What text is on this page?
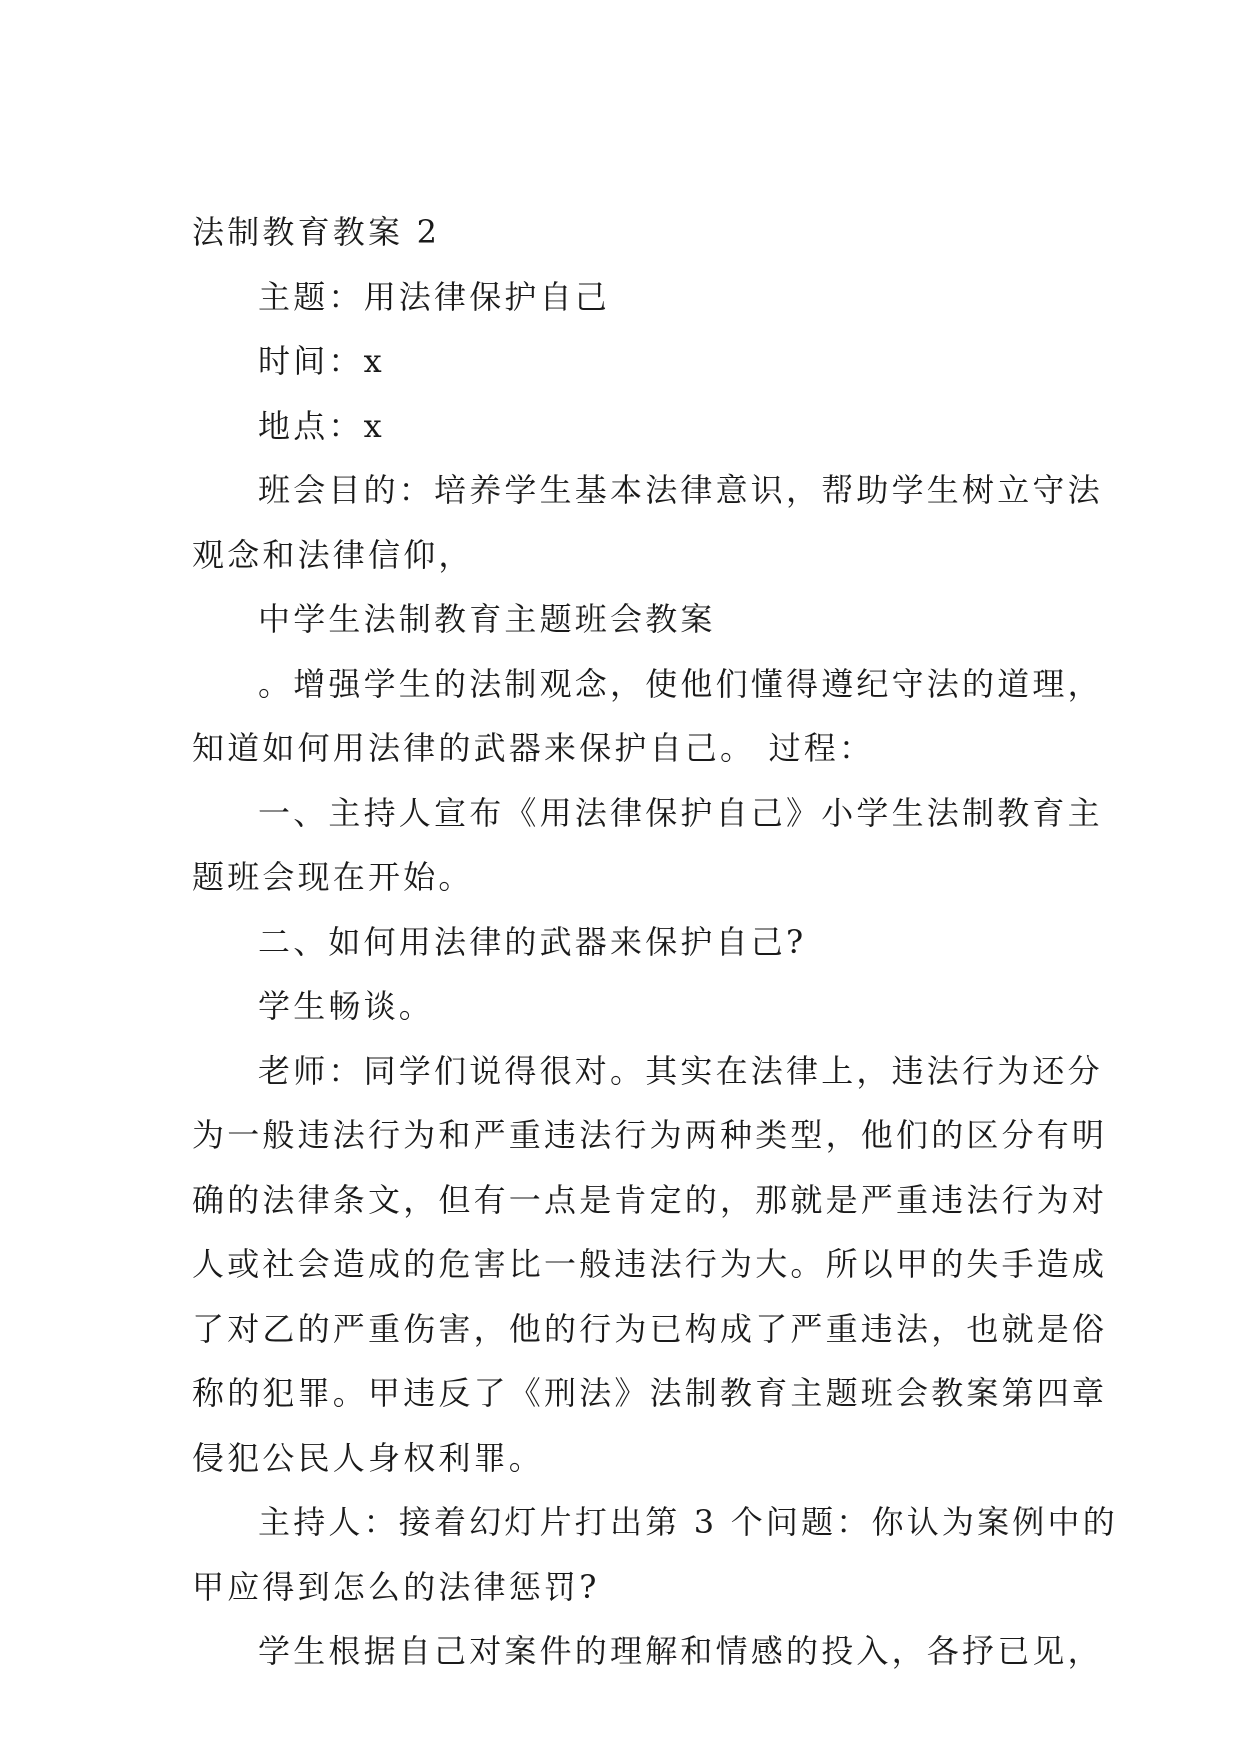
法制教育教案 2
主题：用法律保护自己
时间：x
地点：x
班会目的：培养学生基本法律意识，帮助学生树立守法
观念和法律信仰，
中学生法制教育主题班会教案
。增强学生的法制观念，使他们懂得遵纪守法的道理，
知道如何用法律的武器来保护自己。 过程：
一、主持人宣布《用法律保护自己》小学生法制教育主
题班会现在开始。
二、如何用法律的武器来保护自己?
学生畅谈。
老师：同学们说得很对。其实在法律上，违法行为还分
为一般违法行为和严重违法行为两种类型，他们的区分有明
确的法律条文，但有一点是肯定的，那就是严重违法行为对
人或社会造成的危害比一般违法行为大。所以甲的失手造成
了对乙的严重伤害，他的行为已构成了严重违法，也就是俗
称的犯罪。甲违反了《刑法》法制教育主题班会教案第四章
侵犯公民人身权利罪。
主持人：接着幻灯片打出第 3 个问题：你认为案例中的
甲应得到怎么的法律惩罚?
学生根据自己对案件的理解和情感的投入，各抒已见，
